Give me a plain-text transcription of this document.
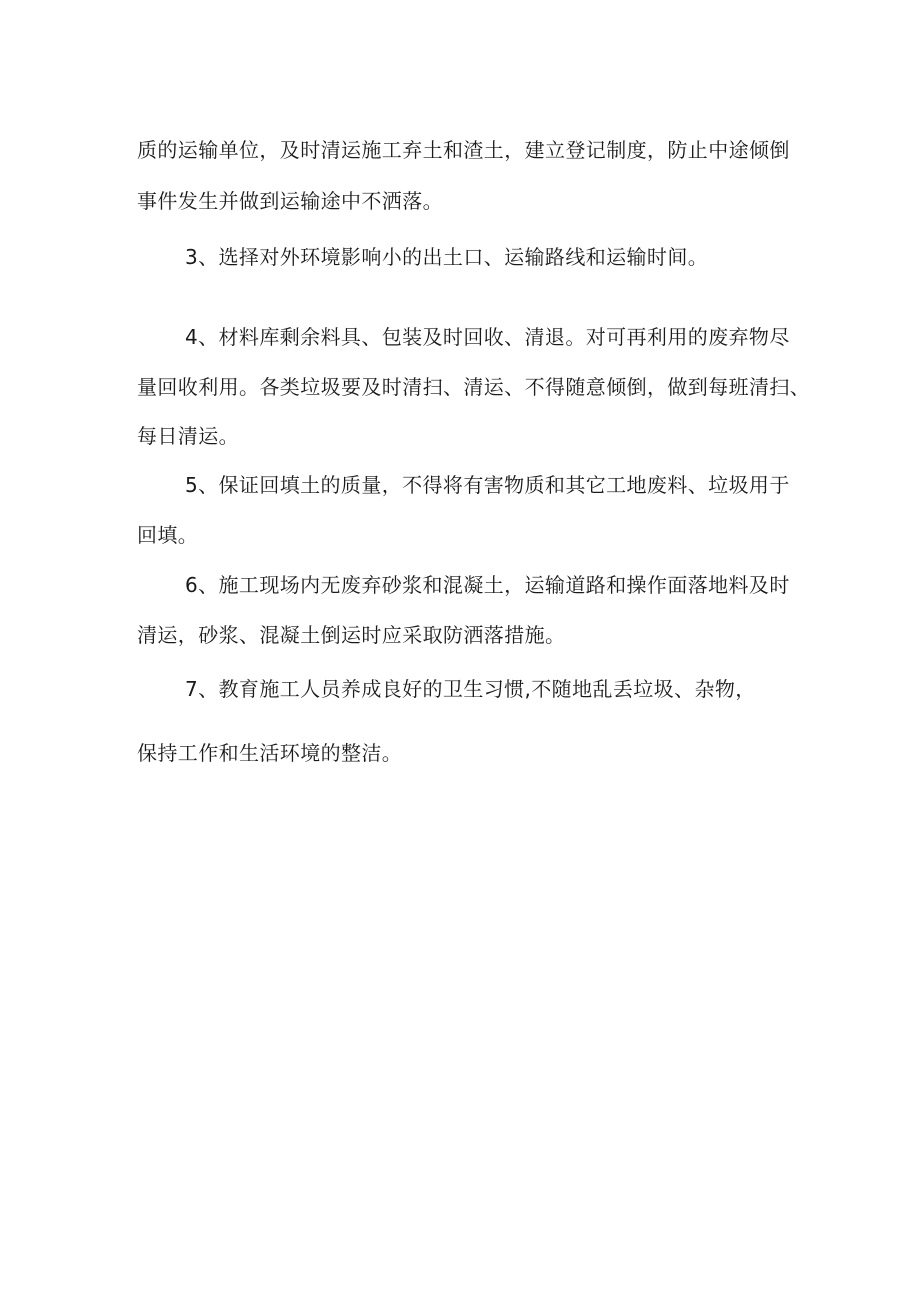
质的运输单位，及时清运施工弃土和渣土，建立登记制度，防止中途倾倒
事件发生并做到运输途中不洒落。
3、选择对外环境影响小的出土口、运输路线和运输时间。
4、材料库剩余料具、包装及时回收、清退。对可再利用的废弃物尽
量回收利用。各类垃圾要及时清扫、清运、不得随意倾倒，做到每班清扫、
每日清运。
5、保证回填土的质量，不得将有害物质和其它工地废料、垃圾用于
回填。
6、施工现场内无废弃砂浆和混凝土，运输道路和操作面落地料及时
清运，砂浆、混凝土倒运时应采取防洒落措施。
7、教育施工人员养成良好的卫生习惯,不随地乱丢垃圾、杂物，
保持工作和生活环境的整洁。
